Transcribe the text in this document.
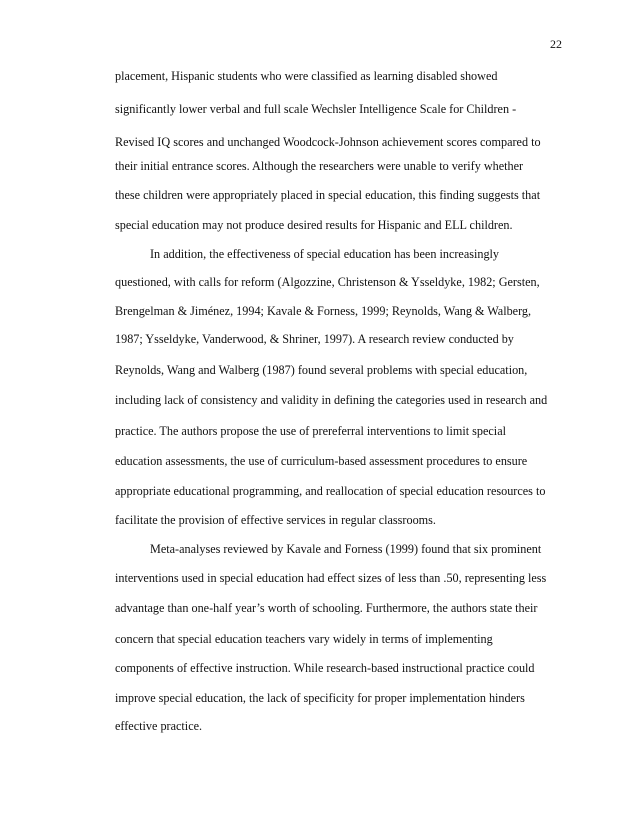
22
placement, Hispanic students who were classified as learning disabled showed
significantly lower verbal and full scale Wechsler Intelligence Scale for Children -
Revised IQ scores and unchanged Woodcock-Johnson achievement scores compared to
their initial entrance scores. Although the researchers were unable to verify whether
these children were appropriately placed in special education, this finding suggests that
special education may not produce desired results for Hispanic and ELL children.
In addition, the effectiveness of special education has been increasingly
questioned, with calls for reform (Algozzine, Christenson & Ysseldyke, 1982; Gersten,
Brengelman & Jiménez, 1994; Kavale & Forness, 1999; Reynolds, Wang & Walberg,
1987; Ysseldyke, Vanderwood, & Shriner, 1997). A research review conducted by
Reynolds, Wang and Walberg (1987) found several problems with special education,
including lack of consistency and validity in defining the categories used in research and
practice. The authors propose the use of prereferral interventions to limit special
education assessments, the use of curriculum-based assessment procedures to ensure
appropriate educational programming, and reallocation of special education resources to
facilitate the provision of effective services in regular classrooms.
Meta-analyses reviewed by Kavale and Forness (1999) found that six prominent
interventions used in special education had effect sizes of less than .50, representing less
advantage than one-half year’s worth of schooling. Furthermore, the authors state their
concern that special education teachers vary widely in terms of implementing
components of effective instruction. While research-based instructional practice could
improve special education, the lack of specificity for proper implementation hinders
effective practice.
